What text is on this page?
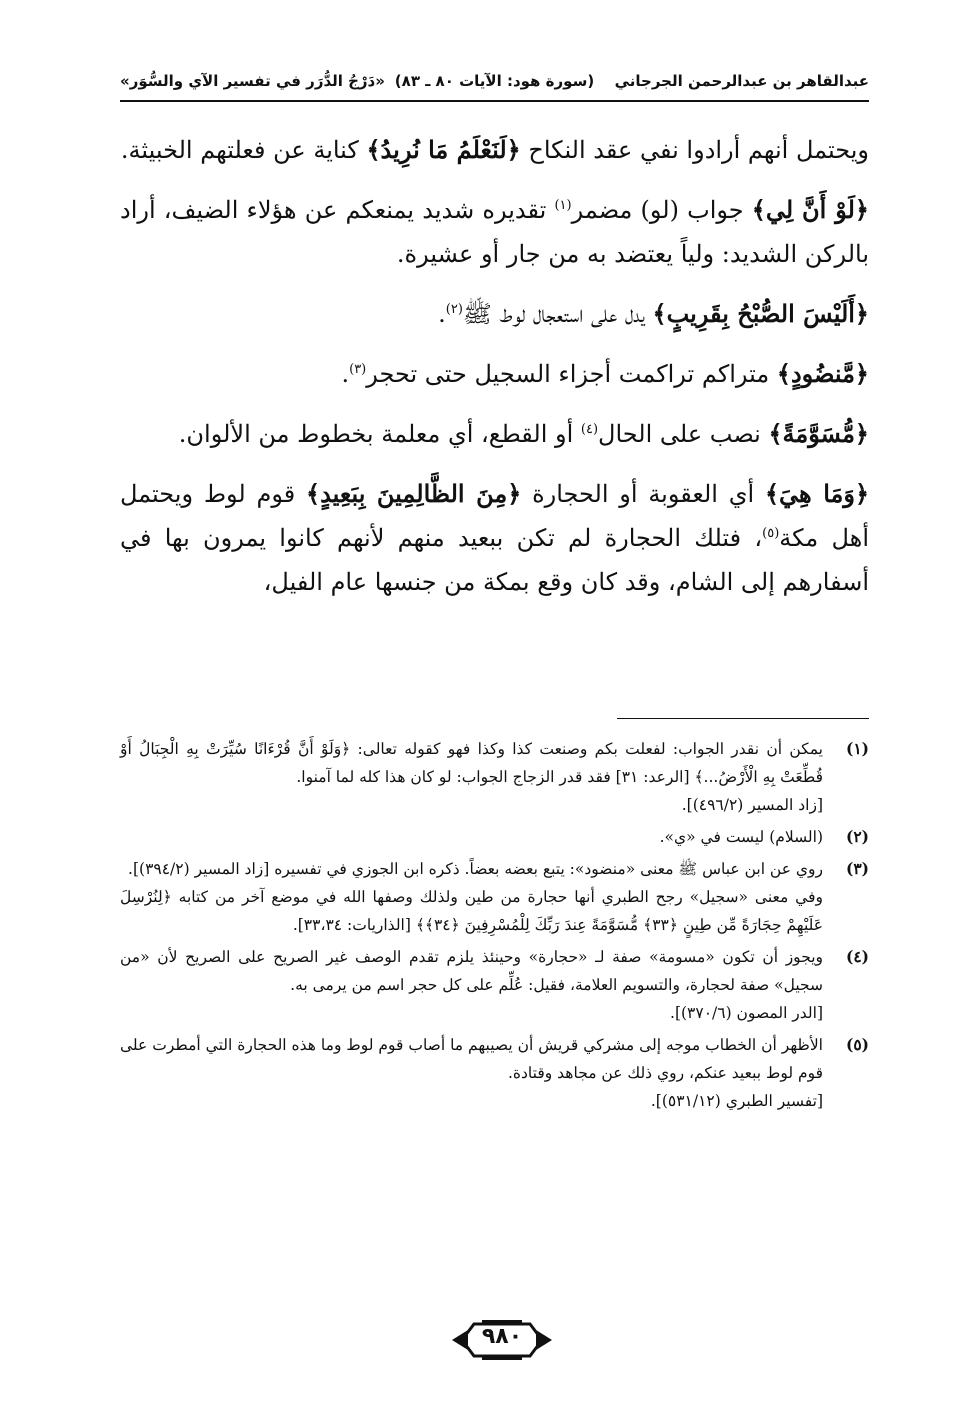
عبدالقاهر بن عبدالرحمن الجرجاني
(سورة هود: الآيات ٨٠ ـ ٨٣)
«دَرْجُ الدُّرَر في تفسير الآي والسُّوَر»

ويحتمل أنهم أرادوا نفي عقد النكاح ﴿لَنَعْلَمُ مَا نُرِيدُ﴾ كناية عن فعلتهم الخبيثة.

﴿لَوْ أَنَّ لِي﴾ جواب (لو) مضمر$^{(١)}$ تقديره شديد يمنعكم عن هؤلاء الضيف، أراد بالركن الشديد: ولياً يعتضد به من جار أو عشيرة.

﴿أَلَيْسَ الصُّبْحُ بِقَرِيبٍ﴾ يدل على استعجال لوط ﷺ$^{(٢)}$.

﴿مَّنضُودٍ﴾ متراكم تراكمت أجزاء السجيل حتى تحجر$^{(٣)}$.

﴿مُّسَوَّمَةً﴾ نصب على الحال$^{(٤)}$ أو القطع، أي معلمة بخطوط من الألوان.

﴿وَمَا هِيَ﴾ أي العقوبة أو الحجارة ﴿مِنَ الظَّالِمِينَ بِبَعِيدٍ﴾ قوم لوط ويحتمل أهل مكة$^{(٥)}$، فتلك الحجارة لم تكن ببعيد منهم لأنهم كانوا يمرون بها في أسفارهم إلى الشام، وقد كان وقع بمكة من جنسها عام الفيل،

(١)

يمكن أن نقدر الجواب: لفعلت بكم وصنعت كذا وكذا فهو كقوله تعالى: ﴿وَلَوْ أَنَّ قُرْءَانًا سُيِّرَتْ بِهِ الْجِبَالُ أَوْ قُطِّعَتْ بِهِ الْأَرْضُ...﴾ [الرعد: ٣١] فقد قدر الزجاج الجواب: لو كان هذا كله لما آمنوا.

[زاد المسير (٤٩٦/٢)].

(٢)

(السلام) ليست في «ي».

(٣)

روي عن ابن عباس ﷺ معنى «منضود»: يتبع بعضه بعضاً. ذكره ابن الجوزي في تفسيره [زاد المسير (٣٩٤/٢)].

وفي معنى «سجيل» رجح الطبري أنها حجارة من طين ولذلك وصفها الله في موضع آخر من كتابه ﴿لِنُرْسِلَ عَلَيْهِمْ حِجَارَةً مِّن طِينٍ ﴿٣٣﴾ مُّسَوَّمَةً عِندَ رَبِّكَ لِلْمُسْرِفِينَ ﴿٣٤﴾﴾ [الذاريات: ٣٣،٣٤].

(٤)

ويجوز أن تكون «مسومة» صفة لـ «حجارة» وحينئذ يلزم تقدم الوصف غير الصريح على الصريح لأن «من سجيل» صفة لحجارة، والتسويم العلامة، فقيل: عُلِّم على كل حجر اسم من يرمى به.

[الدر المصون (٣٧٠/٦)].

(٥)

الأظهر أن الخطاب موجه إلى مشركي قريش أن يصيبهم ما أصاب قوم لوط وما هذه الحجارة التي أمطرت على قوم لوط ببعيد عنكم، روي ذلك عن مجاهد وقتادة.

[تفسير الطبري (٥٣١/١٢)].

٩٨٠
